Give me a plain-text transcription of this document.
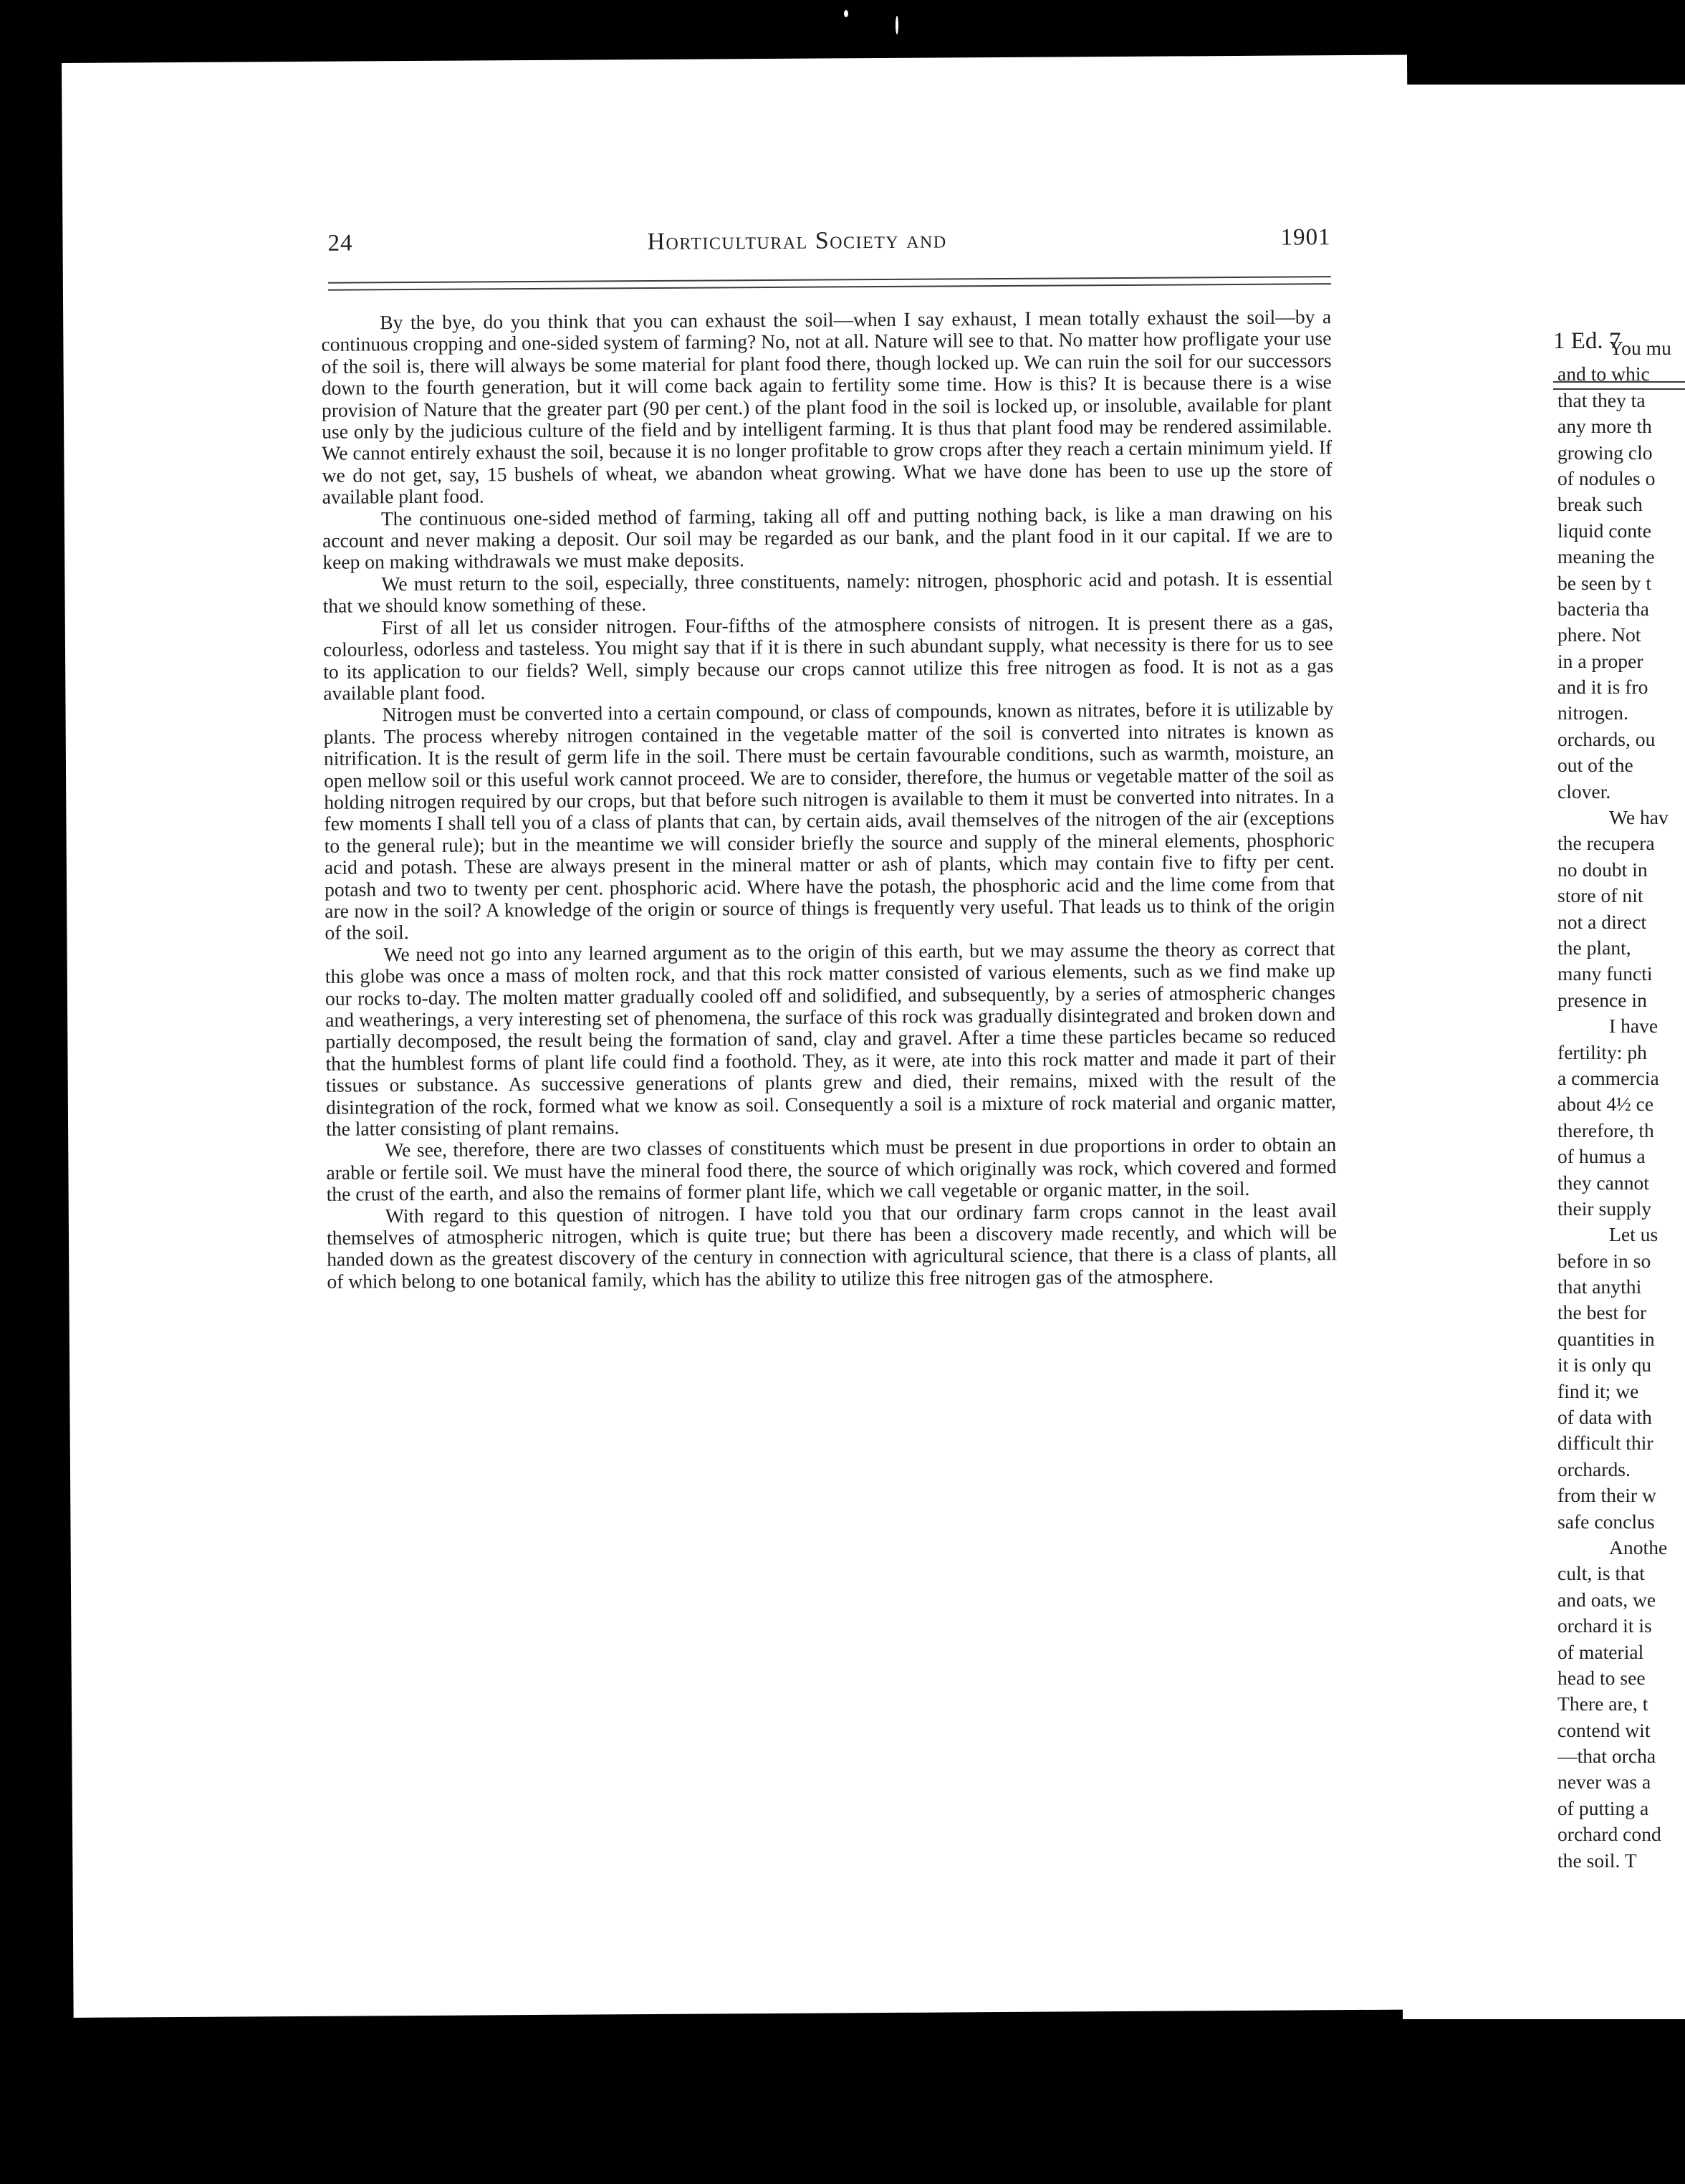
24	Horticultural Society and	1901

By the bye, do you think that you can exhaust the soil—when I say exhaust, I mean totally exhaust the soil—by a continuous cropping and one-sided system of farming? No, not at all. Nature will see to that. No matter how profligate your use of the soil is, there will always be some material for plant food there, though locked up. We can ruin the soil for our successors down to the fourth generation, but it will come back again to fertility some time. How is this? It is because there is a wise provision of Nature that the greater part (90 per cent.) of the plant food in the soil is locked up, or insoluble, available for plant use only by the judicious culture of the field and by intelligent farming. It is thus that plant food may be rendered assimilable. We cannot entirely exhaust the soil, because it is no longer profitable to grow crops after they reach a certain minimum yield. If we do not get, say, 15 bushels of wheat, we abandon wheat growing. What we have done has been to use up the store of available plant food.

The continuous one-sided method of farming, taking all off and putting nothing back, is like a man drawing on his account and never making a deposit. Our soil may be regarded as our bank, and the plant food in it our capital. If we are to keep on making withdrawals we must make deposits.

We must return to the soil, especially, three constituents, namely: nitrogen, phosphoric acid and potash. It is essential that we should know something of these.

First of all let us consider nitrogen. Four-fifths of the atmosphere consists of nitrogen. It is present there as a gas, colourless, odorless and tasteless. You might say that if it is there in such abundant supply, what necessity is there for us to see to its application to our fields? Well, simply because our crops cannot utilize this free nitrogen as food. It is not as a gas available plant food.

Nitrogen must be converted into a certain compound, or class of compounds, known as nitrates, before it is utilizable by plants. The process whereby nitrogen contained in the vegetable matter of the soil is converted into nitrates is known as nitrification. It is the result of germ life in the soil. There must be certain favourable conditions, such as warmth, moisture, an open mellow soil or this useful work cannot proceed. We are to consider, therefore, the humus or vegetable matter of the soil as holding nitrogen required by our crops, but that before such nitrogen is available to them it must be converted into nitrates. In a few moments I shall tell you of a class of plants that can, by certain aids, avail themselves of the nitrogen of the air (exceptions to the general rule); but in the meantime we will consider briefly the source and supply of the mineral elements, phosphoric acid and potash. These are always present in the mineral matter or ash of plants, which may contain five to fifty per cent. potash and two to twenty per cent. phosphoric acid. Where have the potash, the phosphoric acid and the lime come from that are now in the soil? A knowledge of the origin or source of things is frequently very useful. That leads us to think of the origin of the soil.

We need not go into any learned argument as to the origin of this earth, but we may assume the theory as correct that this globe was once a mass of molten rock, and that this rock matter consisted of various elements, such as we find make up our rocks to-day. The molten matter gradually cooled off and solidified, and subsequently, by a series of atmospheric changes and weatherings, a very interesting set of phenomena, the surface of this rock was gradually disintegrated and broken down and partially decomposed, the result being the formation of sand, clay and gravel. After a time these particles became so reduced that the humblest forms of plant life could find a foothold. They, as it were, ate into this rock matter and made it part of their tissues or substance. As successive generations of plants grew and died, their remains, mixed with the result of the disintegration of the rock, formed what we know as soil. Consequently a soil is a mixture of rock material and organic matter, the latter consisting of plant remains.

We see, therefore, there are two classes of constituents which must be present in due proportions in order to obtain an arable or fertile soil. We must have the mineral food there, the source of which originally was rock, which covered and formed the crust of the earth, and also the remains of former plant life, which we call vegetable or organic matter, in the soil.

With regard to this question of nitrogen. I have told you that our ordinary farm crops cannot in the least avail themselves of atmospheric nitrogen, which is quite true; but there has been a discovery made recently, and which will be handed down as the greatest discovery of the century in connection with agricultural science, that there is a class of plants, all of which belong to one botanical family, which has the ability to utilize this free nitrogen gas of the atmosphere.

1 Ed. 7
You mu
and to whic
that they ta
any more th
growing clo
of nodules o
break such
liquid conte
meaning the
be seen by t
bacteria tha
phere. Not
in a proper
and it is fro
nitrogen.
orchards, ou
out of the
clover.
We hav
the recupera
no doubt in
store of nit
not a direct
the plant,
many functi
presence in
I have
fertility: ph
a commercia
about 4½ ce
therefore, th
of humus a
they cannot
their supply
Let us
before in so
that anythi
the best for
quantities in
it is only qu
find it; we
of data with
difficult thir
orchards.
from their w
safe conclus
Anothe
cult, is that
and oats, we
orchard it is
of material
head to see
There are, t
contend wit
—that orcha
never was a
of putting a
orchard cond
the soil. T
